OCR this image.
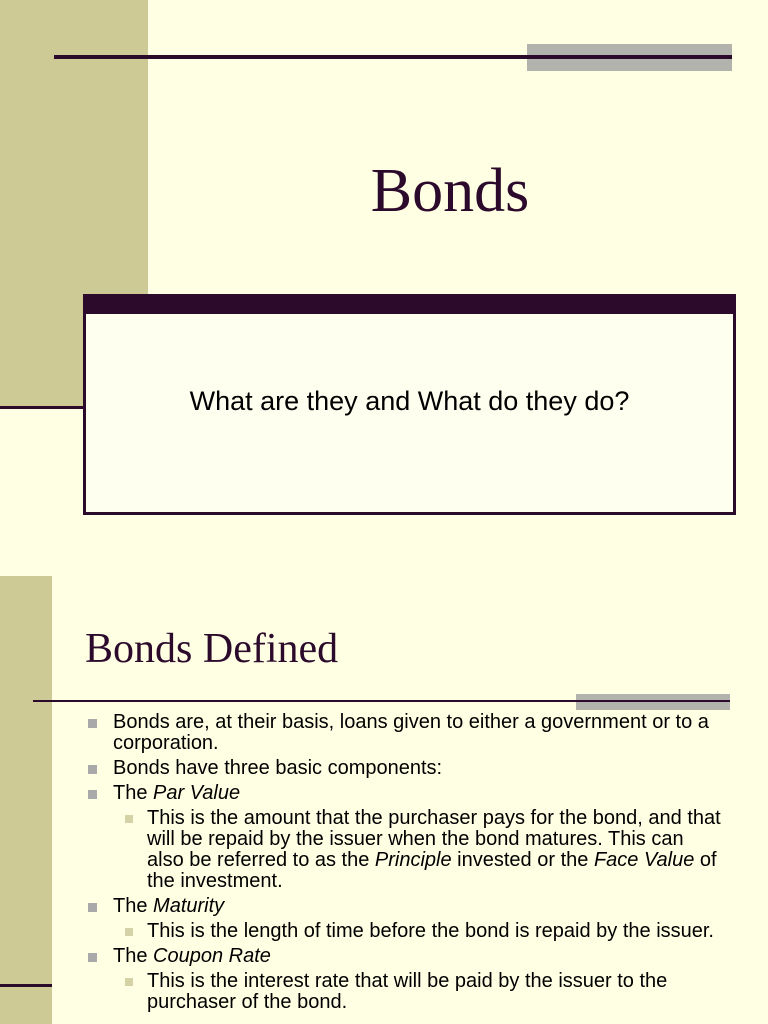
Bonds
What are they and What do they do?
Bonds Defined
Bonds are, at their basis, loans given to either a government or to a corporation.
Bonds have three basic components:
The Par Value
This is the amount that the purchaser pays for the bond, and that will be repaid by the issuer when the bond matures. This can also be referred to as the Principle invested or the Face Value of the investment.
The Maturity
This is the length of time before the bond is repaid by the issuer.
The Coupon Rate
This is the interest rate that will be paid by the issuer to the purchaser of the bond.
